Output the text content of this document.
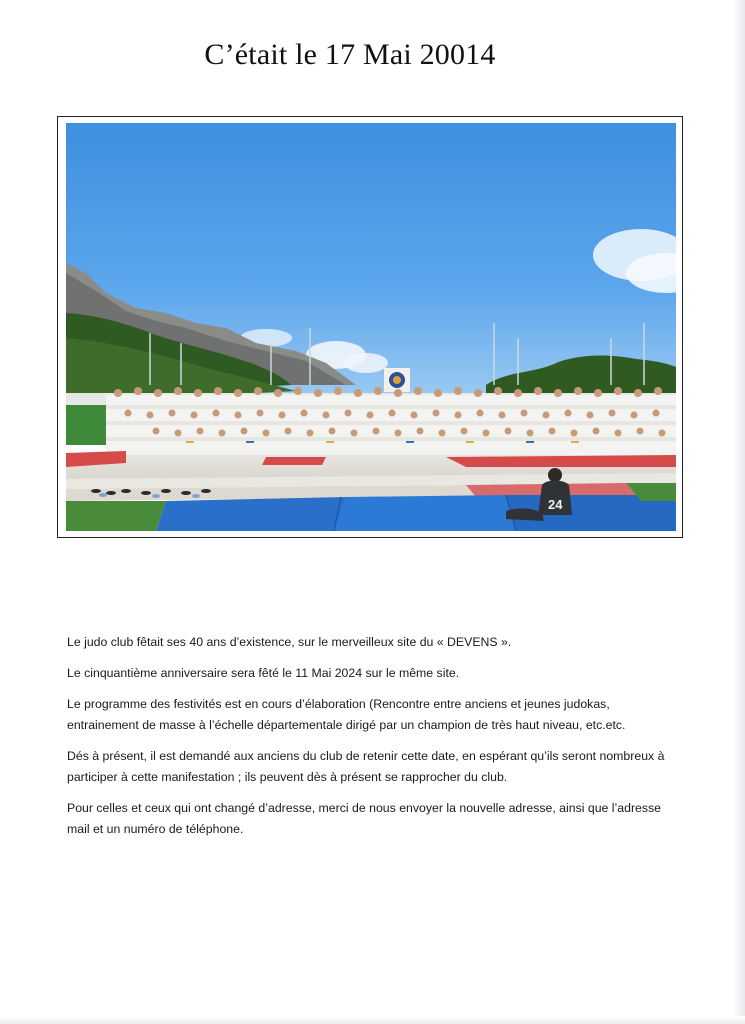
C’était le 17 Mai 20014
24

Le judo club fêtait ses 40 ans d’existence, sur le merveilleux site du « DEVENS ».

Le cinquantième anniversaire sera fêté le 11 Mai 2024 sur le même site.

Le programme des festivités est en cours d’élaboration (Rencontre entre anciens et jeunes judokas, entrainement de masse à l’échelle départementale dirigé par un champion de très haut niveau, etc.etc.

Dés à présent, il est demandé aux anciens du club de retenir cette date, en espérant qu’ils seront nombreux à participer à cette manifestation ; ils peuvent dès à présent se rapprocher du club.

Pour celles et ceux qui ont changé d’adresse, merci de nous envoyer la nouvelle adresse, ainsi que l’adresse mail et un numéro de téléphone.
